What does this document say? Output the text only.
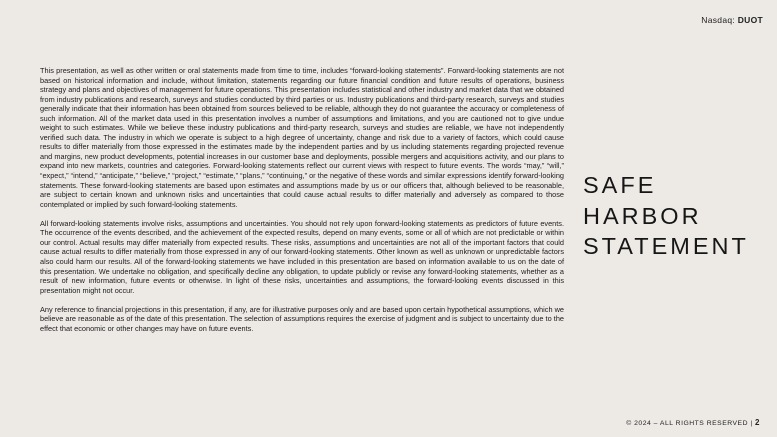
Nasdaq: DUOT

This presentation, as well as other written or oral statements made from time to time, includes “forward-looking statements”. Forward-looking statements are not based on historical information and include, without limitation, statements regarding our future financial condition and future results of operations, business strategy and plans and objectives of management for future operations. This presentation includes statistical and other industry and market data that we obtained from industry publications and research, surveys and studies conducted by third parties or us. Industry publications and third-party research, surveys and studies generally indicate that their information has been obtained from sources believed to be reliable, although they do not guarantee the accuracy or completeness of such information. All of the market data used in this presentation involves a number of assumptions and limitations, and you are cautioned not to give undue weight to such estimates. While we believe these industry publications and third-party research, surveys and studies are reliable, we have not independently verified such data. The industry in which we operate is subject to a high degree of uncertainty, change and risk due to a variety of factors, which could cause results to differ materially from those expressed in the estimates made by the independent parties and by us including statements regarding projected revenue and margins, new product developments, potential increases in our customer base and deployments, possible mergers and acquisitions activity, and our plans to expand into new markets, countries and categories. Forward-looking statements reflect our current views with respect to future events. The words “may,” “will,” “expect,” “intend,” “anticipate,” “believe,” “project,” “estimate,” “plans,” “continuing,” or the negative of these words and similar expressions identify forward-looking statements. These forward-looking statements are based upon estimates and assumptions made by us or our officers that, although believed to be reasonable, are subject to certain known and unknown risks and uncertainties that could cause actual results to differ materially and adversely as compared to those contemplated or implied by such forward-looking statements.

All forward-looking statements involve risks, assumptions and uncertainties. You should not rely upon forward-looking statements as predictors of future events. The occurrence of the events described, and the achievement of the expected results, depend on many events, some or all of which are not predictable or within our control. Actual results may differ materially from expected results. These risks, assumptions and uncertainties are not all of the important factors that could cause actual results to differ materially from those expressed in any of our forward-looking statements. Other known as well as unknown or unpredictable factors also could harm our results. All of the forward-looking statements we have included in this presentation are based on information available to us on the date of this presentation. We undertake no obligation, and specifically decline any obligation, to update publicly or revise any forward-looking statements, whether as a result of new information, future events or otherwise. In light of these risks, uncertainties and assumptions, the forward-looking events discussed in this presentation might not occur.

Any reference to financial projections in this presentation, if any, are for illustrative purposes only and are based upon certain hypothetical assumptions, which we believe are reasonable as of the date of this presentation. The selection of assumptions requires the exercise of judgment and is subject to uncertainty due to the effect that economic or other changes may have on future events.

SAFE
HARBOR
STATEMENT
© 2024 – ALL RIGHTS RESERVED | 2
